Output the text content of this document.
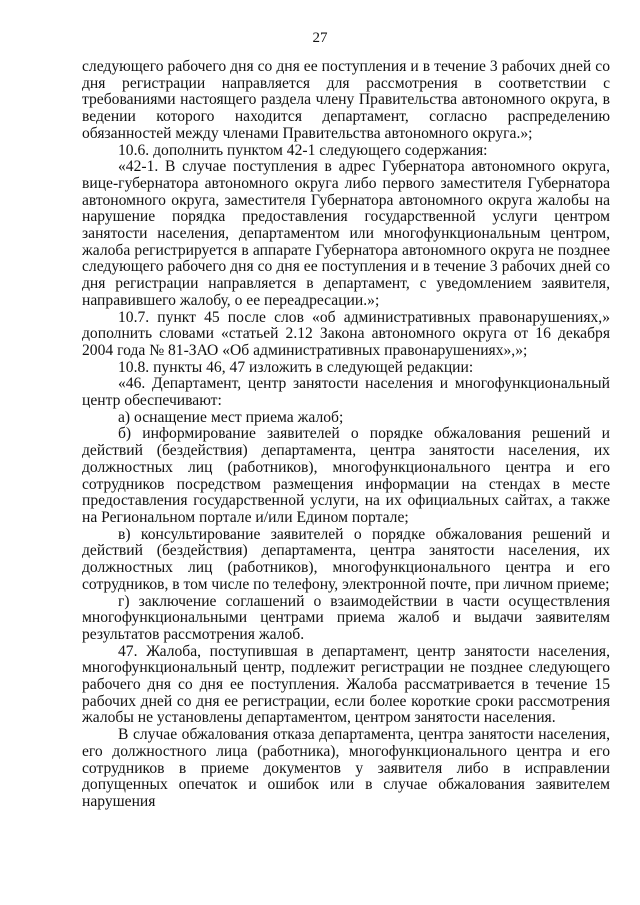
27

следующего рабочего дня со дня ее поступления и в течение 3 рабочих дней со дня регистрации направляется для рассмотрения в соответствии с требованиями настоящего раздела члену Правительства автономного округа, в ведении которого находится департамент, согласно распределению обязанностей между членами Правительства автономного округа.»;

10.6. дополнить пунктом 42-1 следующего содержания:

«42-1. В случае поступления в адрес Губернатора автономного округа, вице-губернатора автономного округа либо первого заместителя Губернатора автономного округа, заместителя Губернатора автономного округа жалобы на нарушение порядка предоставления государственной услуги центром занятости населения, департаментом или многофункциональным центром, жалоба регистрируется в аппарате Губернатора автономного округа не позднее следующего рабочего дня со дня ее поступления и в течение 3 рабочих дней со дня регистрации направляется в департамент, с уведомлением заявителя, направившего жалобу, о ее переадресации.»;

10.7. пункт 45 после слов «об административных правонарушениях,» дополнить словами «статьей 2.12 Закона автономного округа от 16 декабря 2004 года № 81-ЗАО «Об административных правонарушениях»,»;

10.8. пункты 46, 47 изложить в следующей редакции:

«46. Департамент, центр занятости населения и многофункциональный центр обеспечивают:

а) оснащение мест приема жалоб;

б) информирование заявителей о порядке обжалования решений и действий (бездействия) департамента, центра занятости населения, их должностных лиц (работников), многофункционального центра и его сотрудников посредством размещения информации на стендах в месте предоставления государственной услуги, на их официальных сайтах, а также на Региональном портале и/или Едином портале;

в) консультирование заявителей о порядке обжалования решений и действий (бездействия) департамента, центра занятости населения, их должностных лиц (работников), многофункционального центра и его сотрудников, в том числе по телефону, электронной почте, при личном приеме;

г) заключение соглашений о взаимодействии в части осуществления многофункциональными центрами приема жалоб и выдачи заявителям результатов рассмотрения жалоб.

47. Жалоба, поступившая в департамент, центр занятости населения, многофункциональный центр, подлежит регистрации не позднее следующего рабочего дня со дня ее поступления. Жалоба рассматривается в течение 15 рабочих дней со дня ее регистрации, если более короткие сроки рассмотрения жалобы не установлены департаментом, центром занятости населения.

В случае обжалования отказа департамента, центра занятости населения, его должностного лица (работника), многофункционального центра и его сотрудников в приеме документов у заявителя либо в исправлении допущенных опечаток и ошибок или в случае обжалования заявителем нарушения
